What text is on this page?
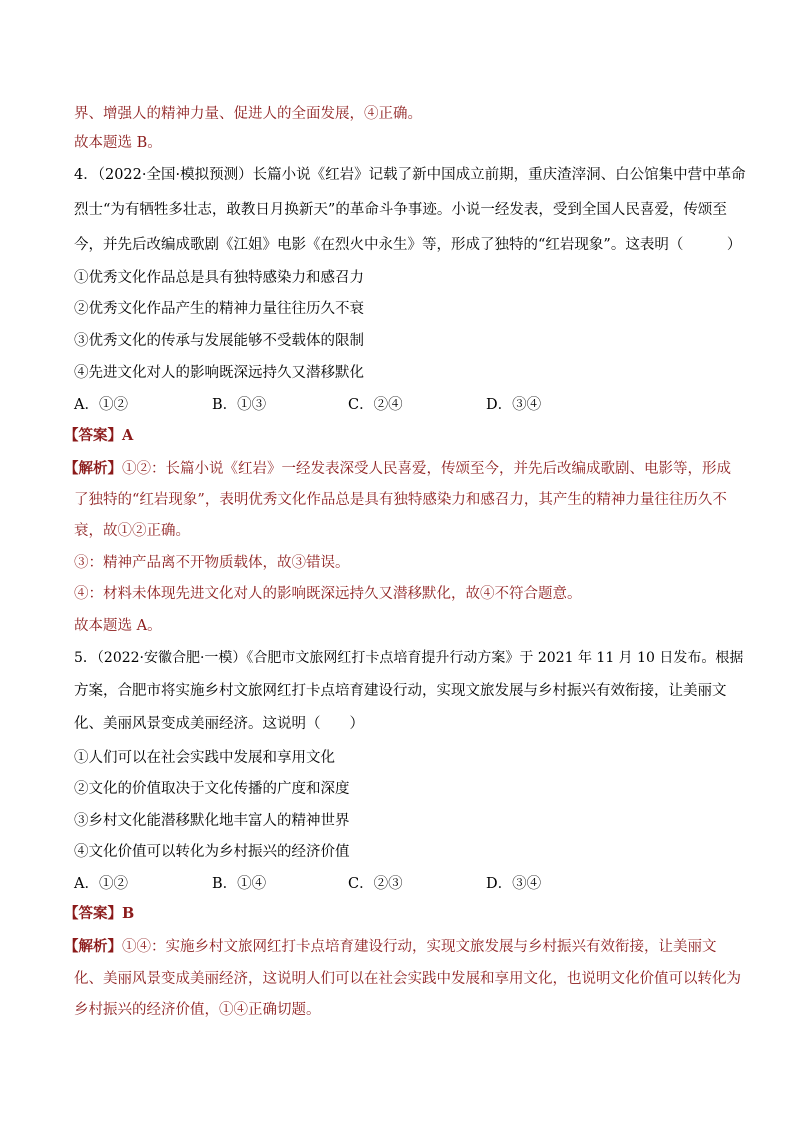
界、增强人的精神力量、促进人的全面发展，④正确。
故本题选 B。
4．（2022·全国·模拟预测）长篇小说《红岩》记载了新中国成立前期，重庆渣滓洞、白公馆集中营中革命
烈士“为有牺牲多壮志，敢教日月换新天”的革命斗争事迹。小说一经发表，受到全国人民喜爱，传颂至
今，并先后改编成歌剧《江姐》电影《在烈火中永生》等，形成了独特的“红岩现象”。这表明（　　　）
①优秀文化作品总是具有独特感染力和感召力
②优秀文化作品产生的精神力量往往历久不衰
③优秀文化的传承与发展能够不受载体的限制
④先进文化对人的影响既深远持久又潜移默化
A．①②	B．①③	C．②④	D．③④
【答案】A
【解析】①②：长篇小说《红岩》一经发表深受人民喜爱，传颂至今，并先后改编成歌剧、电影等，形成
了独特的“红岩现象”，表明优秀文化作品总是具有独特感染力和感召力，其产生的精神力量往往历久不
衰，故①②正确。
③：精神产品离不开物质载体，故③错误。
④：材料未体现先进文化对人的影响既深远持久又潜移默化，故④不符合题意。
故本题选 A。
5．（2022·安徽合肥·一模）《合肥市文旅网红打卡点培育提升行动方案》于 2021 年 11 月 10 日发布。根据
方案，合肥市将实施乡村文旅网红打卡点培育建设行动，实现文旅发展与乡村振兴有效衔接，让美丽文
化、美丽风景变成美丽经济。这说明（　　）
①人们可以在社会实践中发展和享用文化
②文化的价值取决于文化传播的广度和深度
③乡村文化能潜移默化地丰富人的精神世界
④文化价值可以转化为乡村振兴的经济价值
A．①②	B．①④	C．②③	D．③④
【答案】B
【解析】①④：实施乡村文旅网红打卡点培育建设行动，实现文旅发展与乡村振兴有效衔接，让美丽文
化、美丽风景变成美丽经济，这说明人们可以在社会实践中发展和享用文化，也说明文化价值可以转化为
乡村振兴的经济价值，①④正确切题。
